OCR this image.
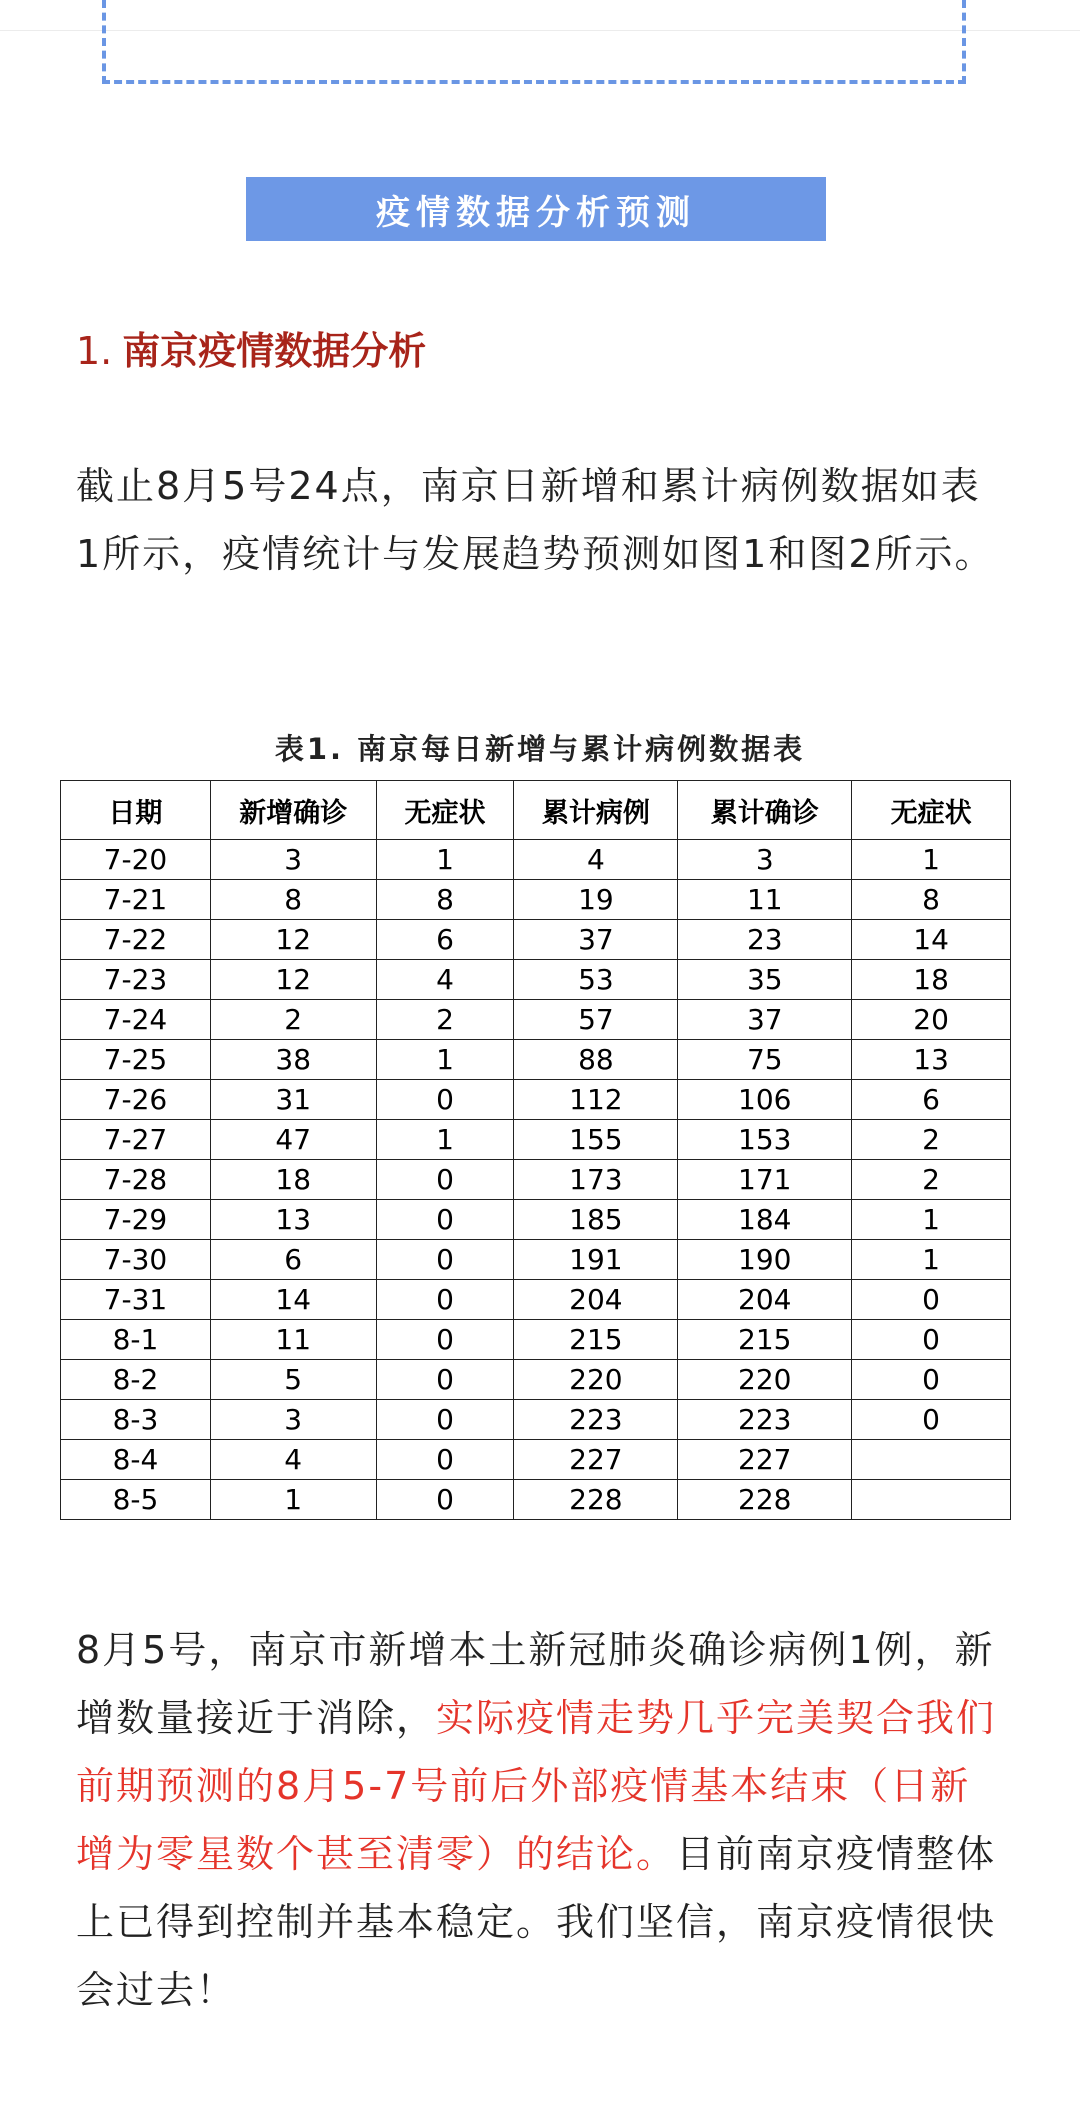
疫情数据分析预测
1. 南京疫情数据分析

截止8月5号24点，南京日新增和累计病例数据如表1所示，疫情统计与发展趋势预测如图1和图2所示。

表1. 南京每日新增与累计病例数据表
日期	新增确诊	无症状	累计病例	累计确诊	无症状
7-20	3	1	4	3	1
7-21	8	8	19	11	8
7-22	12	6	37	23	14
7-23	12	4	53	35	18
7-24	2	2	57	37	20
7-25	38	1	88	75	13
7-26	31	0	112	106	6
7-27	47	1	155	153	2
7-28	18	0	173	171	2
7-29	13	0	185	184	1
7-30	6	0	191	190	1
7-31	14	0	204	204	0
8-1	11	0	215	215	0
8-2	5	0	220	220	0
8-3	3	0	223	223	0
8-4	4	0	227	227	
8-5	1	0	228	228	

8月5号，南京市新增本土新冠肺炎确诊病例1例，新增数量接近于消除，实际疫情走势几乎完美契合我们前期预测的8月5-7号前后外部疫情基本结束（日新增为零星数个甚至清零）的结论。目前南京疫情整体上已得到控制并基本稳定。我们坚信，南京疫情很快会过去！
